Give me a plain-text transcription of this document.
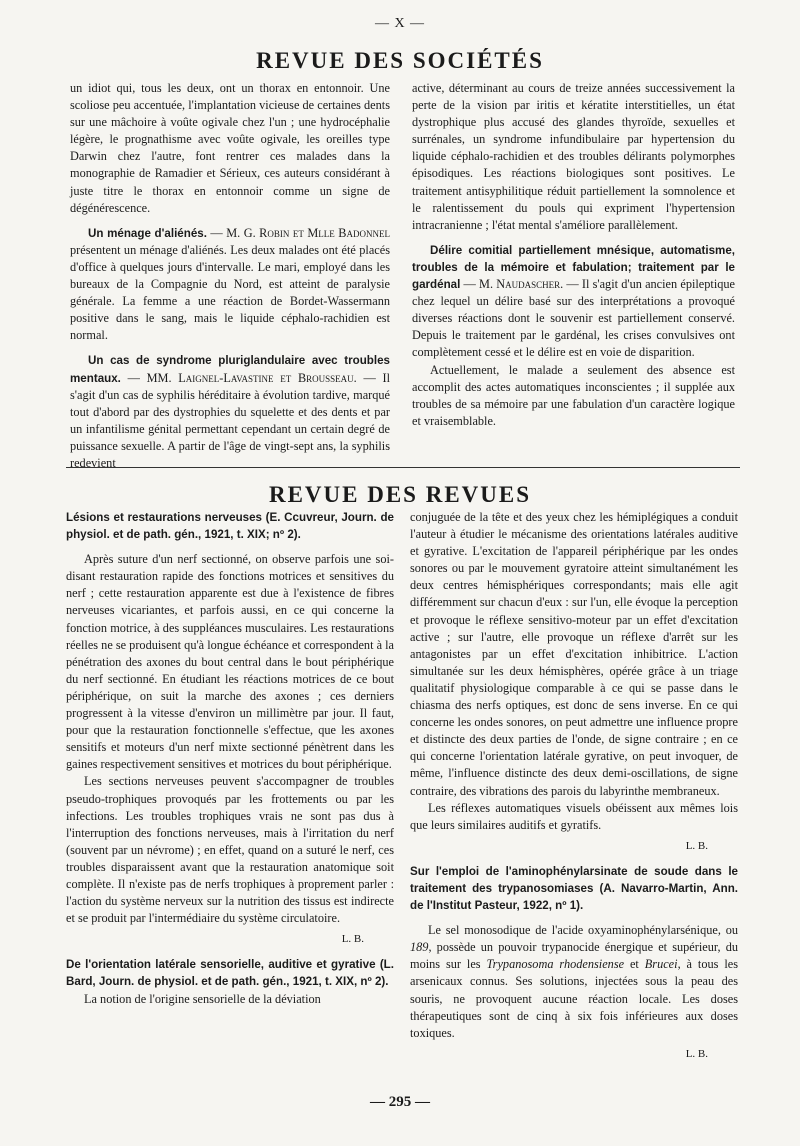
— X —
REVUE DES SOCIÉTÉS

un idiot qui, tous les deux, ont un thorax en entonnoir. Une scoliose peu accentuée, l'implantation vicieuse de certaines dents sur une mâchoire à voûte ogivale chez l'un ; une hydrocéphalie légère, le prognathisme avec voûte ogivale, les oreilles type Darwin chez l'autre, font rentrer ces malades dans la monographie de Ramadier et Sérieux, ces auteurs considérant à juste titre le thorax en entonnoir comme un signe de dégénérescence.

Un ménage d'aliénés. — M. G. Robin et Mlle Badonnel présentent un ménage d'aliénés. Les deux malades ont été placés d'office à quelques jours d'intervalle. Le mari, employé dans les bureaux de la Compagnie du Nord, est atteint de paralysie générale. La femme a une réaction de Bordet-Wassermann positive dans le sang, mais le liquide céphalo-rachidien est normal.

Un cas de syndrome pluriglandulaire avec troubles mentaux. — MM. Laignel-Lavastine et Brousseau. — Il s'agit d'un cas de syphilis héréditaire à évolution tardive, marqué tout d'abord par des dystrophies du squelette et des dents et par un infantilisme génital permettant cependant un certain degré de puissance sexuelle. A partir de l'âge de vingt-sept ans, la syphilis redevient

active, déterminant au cours de treize années successivement la perte de la vision par iritis et kératite interstitielles, un état dystrophique plus accusé des glandes thyroïde, sexuelles et surrénales, un syndrome infundibulaire par hypertension du liquide céphalo-rachidien et des troubles délirants polymorphes épisodiques. Les réactions biologiques sont positives. Le traitement antisyphilitique réduit partiellement la somnolence et le ralentissement du pouls qui expriment l'hypertension intracranienne ; l'état mental s'améliore parallèlement.

Délire comitial partiellement mnésique, automatisme, troubles de la mémoire et fabulation; traitement par le gardénal — M. Naudascher. — Il s'agit d'un ancien épileptique chez lequel un délire basé sur des interprétations a provoqué diverses réactions dont le souvenir est partiellement conservé. Depuis le traitement par le gardénal, les crises convulsives ont complètement cessé et le délire est en voie de disparition.

Actuellement, le malade a seulement des absence est accomplit des actes automatiques inconscientes ; il supplée aux troubles de sa mémoire par une fabulation d'un caractère logique et vraisemblable.

REVUE DES REVUES

Lésions et restaurations nerveuses (E. Ccuvreur, Journ. de physiol. et de path. gén., 1921, t. XIX; nº 2).

Après suture d'un nerf sectionné, on observe parfois une soi-disant restauration rapide des fonctions motrices et sensitives du nerf ; cette restauration apparente est due à l'existence de fibres nerveuses vicariantes, et parfois aussi, en ce qui concerne la fonction motrice, à des suppléances musculaires. Les restaurations réelles ne se produisent qu'à longue échéance et correspondent à la pénétration des axones du bout central dans le bout périphérique du nerf sectionné. En étudiant les réactions motrices de ce bout périphérique, on suit la marche des axones ; ces derniers progressent à la vitesse d'environ un millimètre par jour. Il faut, pour que la restauration fonctionnelle s'effectue, que les axones sensitifs et moteurs d'un nerf mixte sectionné pénètrent dans les gaines respectivement sensitives et motrices du bout périphérique.

Les sections nerveuses peuvent s'accompagner de troubles pseudo-trophiques provoqués par les frottements ou par les infections. Les troubles trophiques vrais ne sont pas dus à l'interruption des fonctions nerveuses, mais à l'irritation du nerf (souvent par un névrome) ; en effet, quand on a suturé le nerf, ces troubles disparaissent avant que la restauration anatomique soit complète. Il n'existe pas de nerfs trophiques à proprement parler : l'action du système nerveux sur la nutrition des tissus est indirecte et se produit par l'intermédiaire du système circulatoire.

L. B.

De l'orientation latérale sensorielle, auditive et gyrative (L. Bard, Journ. de physiol. et de path. gén., 1921, t. XIX, nº 2).

La notion de l'origine sensorielle de la déviation

conjuguée de la tête et des yeux chez les hémiplégiques a conduit l'auteur à étudier le mécanisme des orientations latérales auditive et gyrative. L'excitation de l'appareil périphérique par les ondes sonores ou par le mouvement gyratoire atteint simultanément les deux centres hémisphériques correspondants; mais elle agit différemment sur chacun d'eux : sur l'un, elle évoque la perception et provoque le réflexe sensitivo-moteur par un effet d'excitation active ; sur l'autre, elle provoque un réflexe d'arrêt sur les antagonistes par un effet d'excitation inhibitrice. L'action simultanée sur les deux hémisphères, opérée grâce à un triage qualitatif physiologique comparable à ce qui se passe dans le chiasma des nerfs optiques, est donc de sens inverse. En ce qui concerne les ondes sonores, on peut admettre une influence propre et distincte des deux parties de l'onde, de signe contraire ; en ce qui concerne l'orientation latérale gyrative, on peut invoquer, de même, l'influence distincte des deux demi-oscillations, de signe contraire, des vibrations des parois du labyrinthe membraneux.

Les réflexes automatiques visuels obéissent aux mêmes lois que leurs similaires auditifs et gyratifs.

L. B.

Sur l'emploi de l'aminophénylarsinate de soude dans le traitement des trypanosomiases (A. Navarro-Martin, Ann. de l'Institut Pasteur, 1922, nº 1).

Le sel monosodique de l'acide oxyaminophénylarsénique, ou 189, possède un pouvoir trypanocide énergique et supérieur, du moins sur les Trypanosoma rhodensiense et Brucei, à tous les arsenicaux connus. Ses solutions, injectées sous la peau des souris, ne provoquent aucune réaction locale. Les doses thérapeutiques sont de cinq à six fois inférieures aux doses toxiques.

L. B.
— 295 —
